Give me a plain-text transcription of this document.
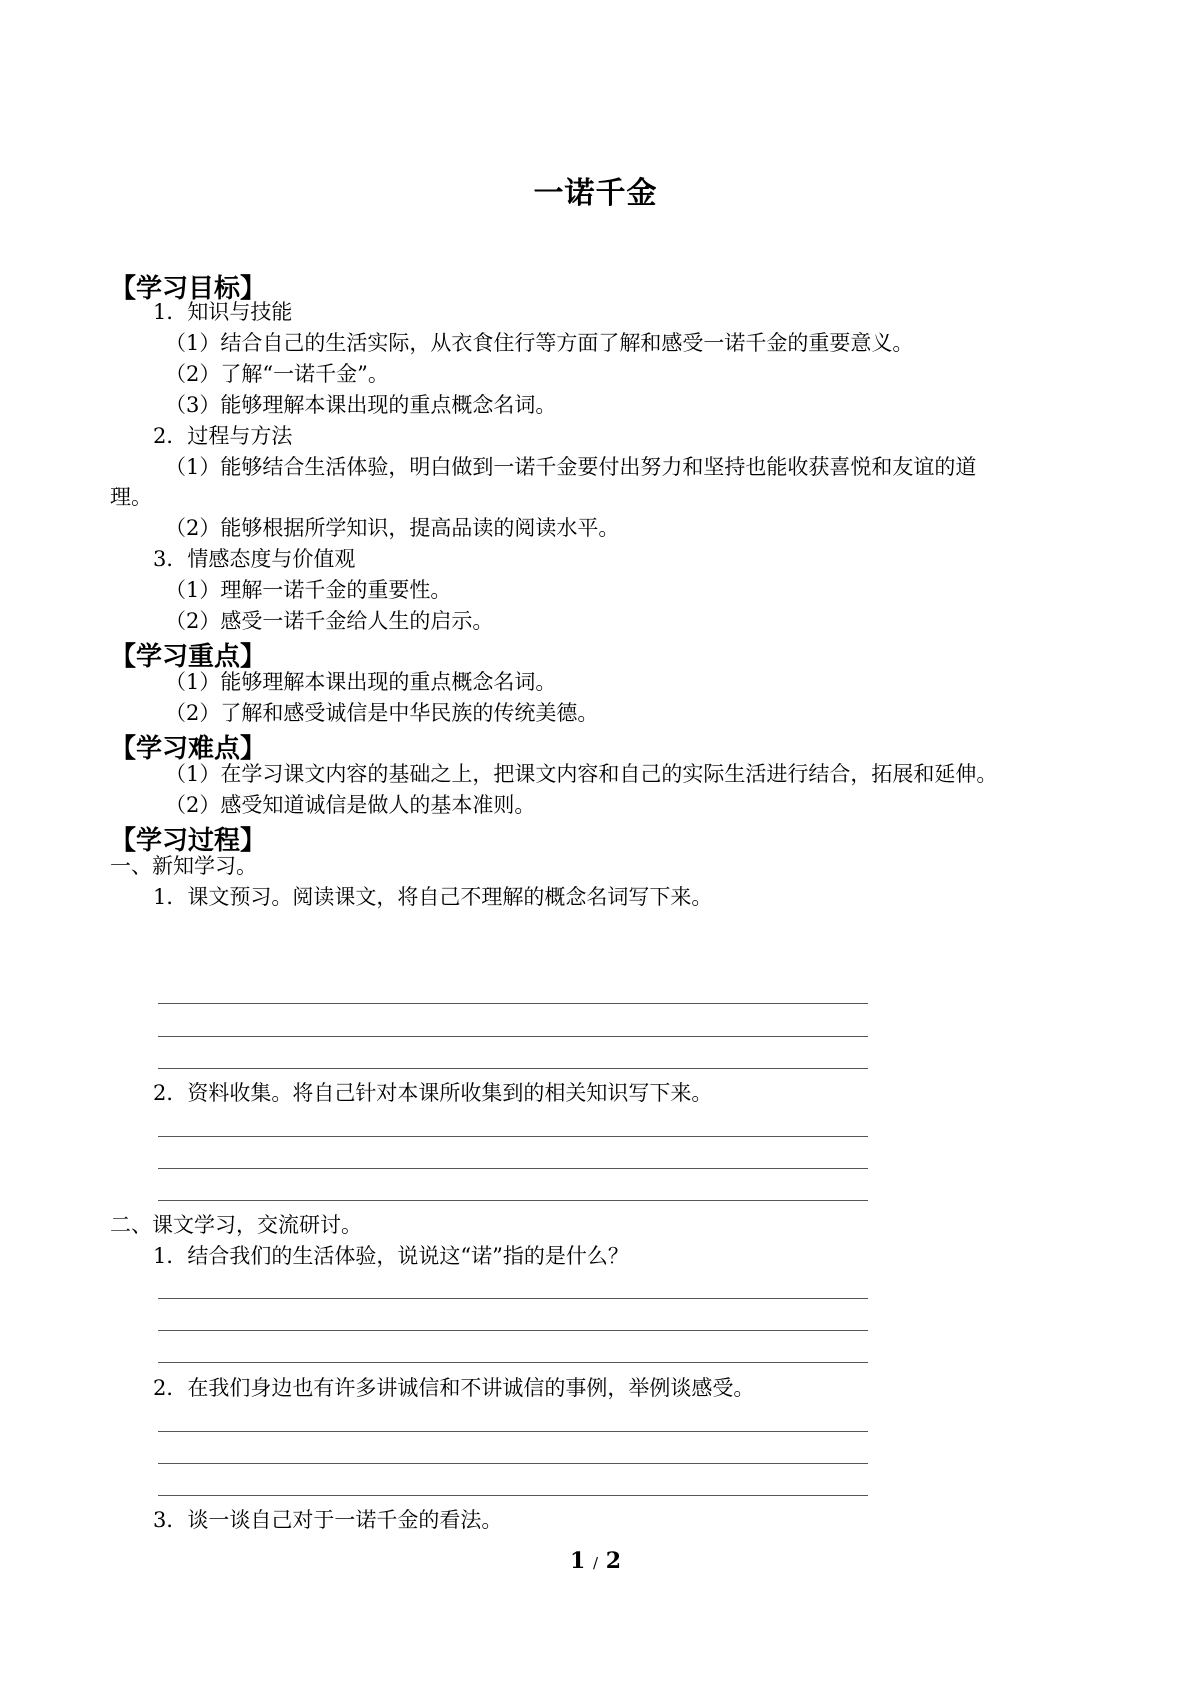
一诺千金
【学习目标】
1．知识与技能
（1）结合自己的生活实际，从衣食住行等方面了解和感受一诺千金的重要意义。
（2）了解“一诺千金”。
（3）能够理解本课出现的重点概念名词。
2．过程与方法
（1）能够结合生活体验，明白做到一诺千金要付出努力和坚持也能收获喜悦和友谊的道
理。
（2）能够根据所学知识，提高品读的阅读水平。
3．情感态度与价值观
（1）理解一诺千金的重要性。
（2）感受一诺千金给人生的启示。
【学习重点】
（1）能够理解本课出现的重点概念名词。
（2）了解和感受诚信是中华民族的传统美德。
【学习难点】
（1）在学习课文内容的基础之上，把课文内容和自己的实际生活进行结合，拓展和延伸。
（2）感受知道诚信是做人的基本准则。
【学习过程】
一、新知学习。
1．课文预习。阅读课文，将自己不理解的概念名词写下来。
2．资料收集。将自己针对本课所收集到的相关知识写下来。
二、课文学习，交流研讨。
1．结合我们的生活体验，说说这“诺”指的是什么？
2．在我们身边也有许多讲诚信和不讲诚信的事例，举例谈感受。
3．谈一谈自己对于一诺千金的看法。
1 / 2
